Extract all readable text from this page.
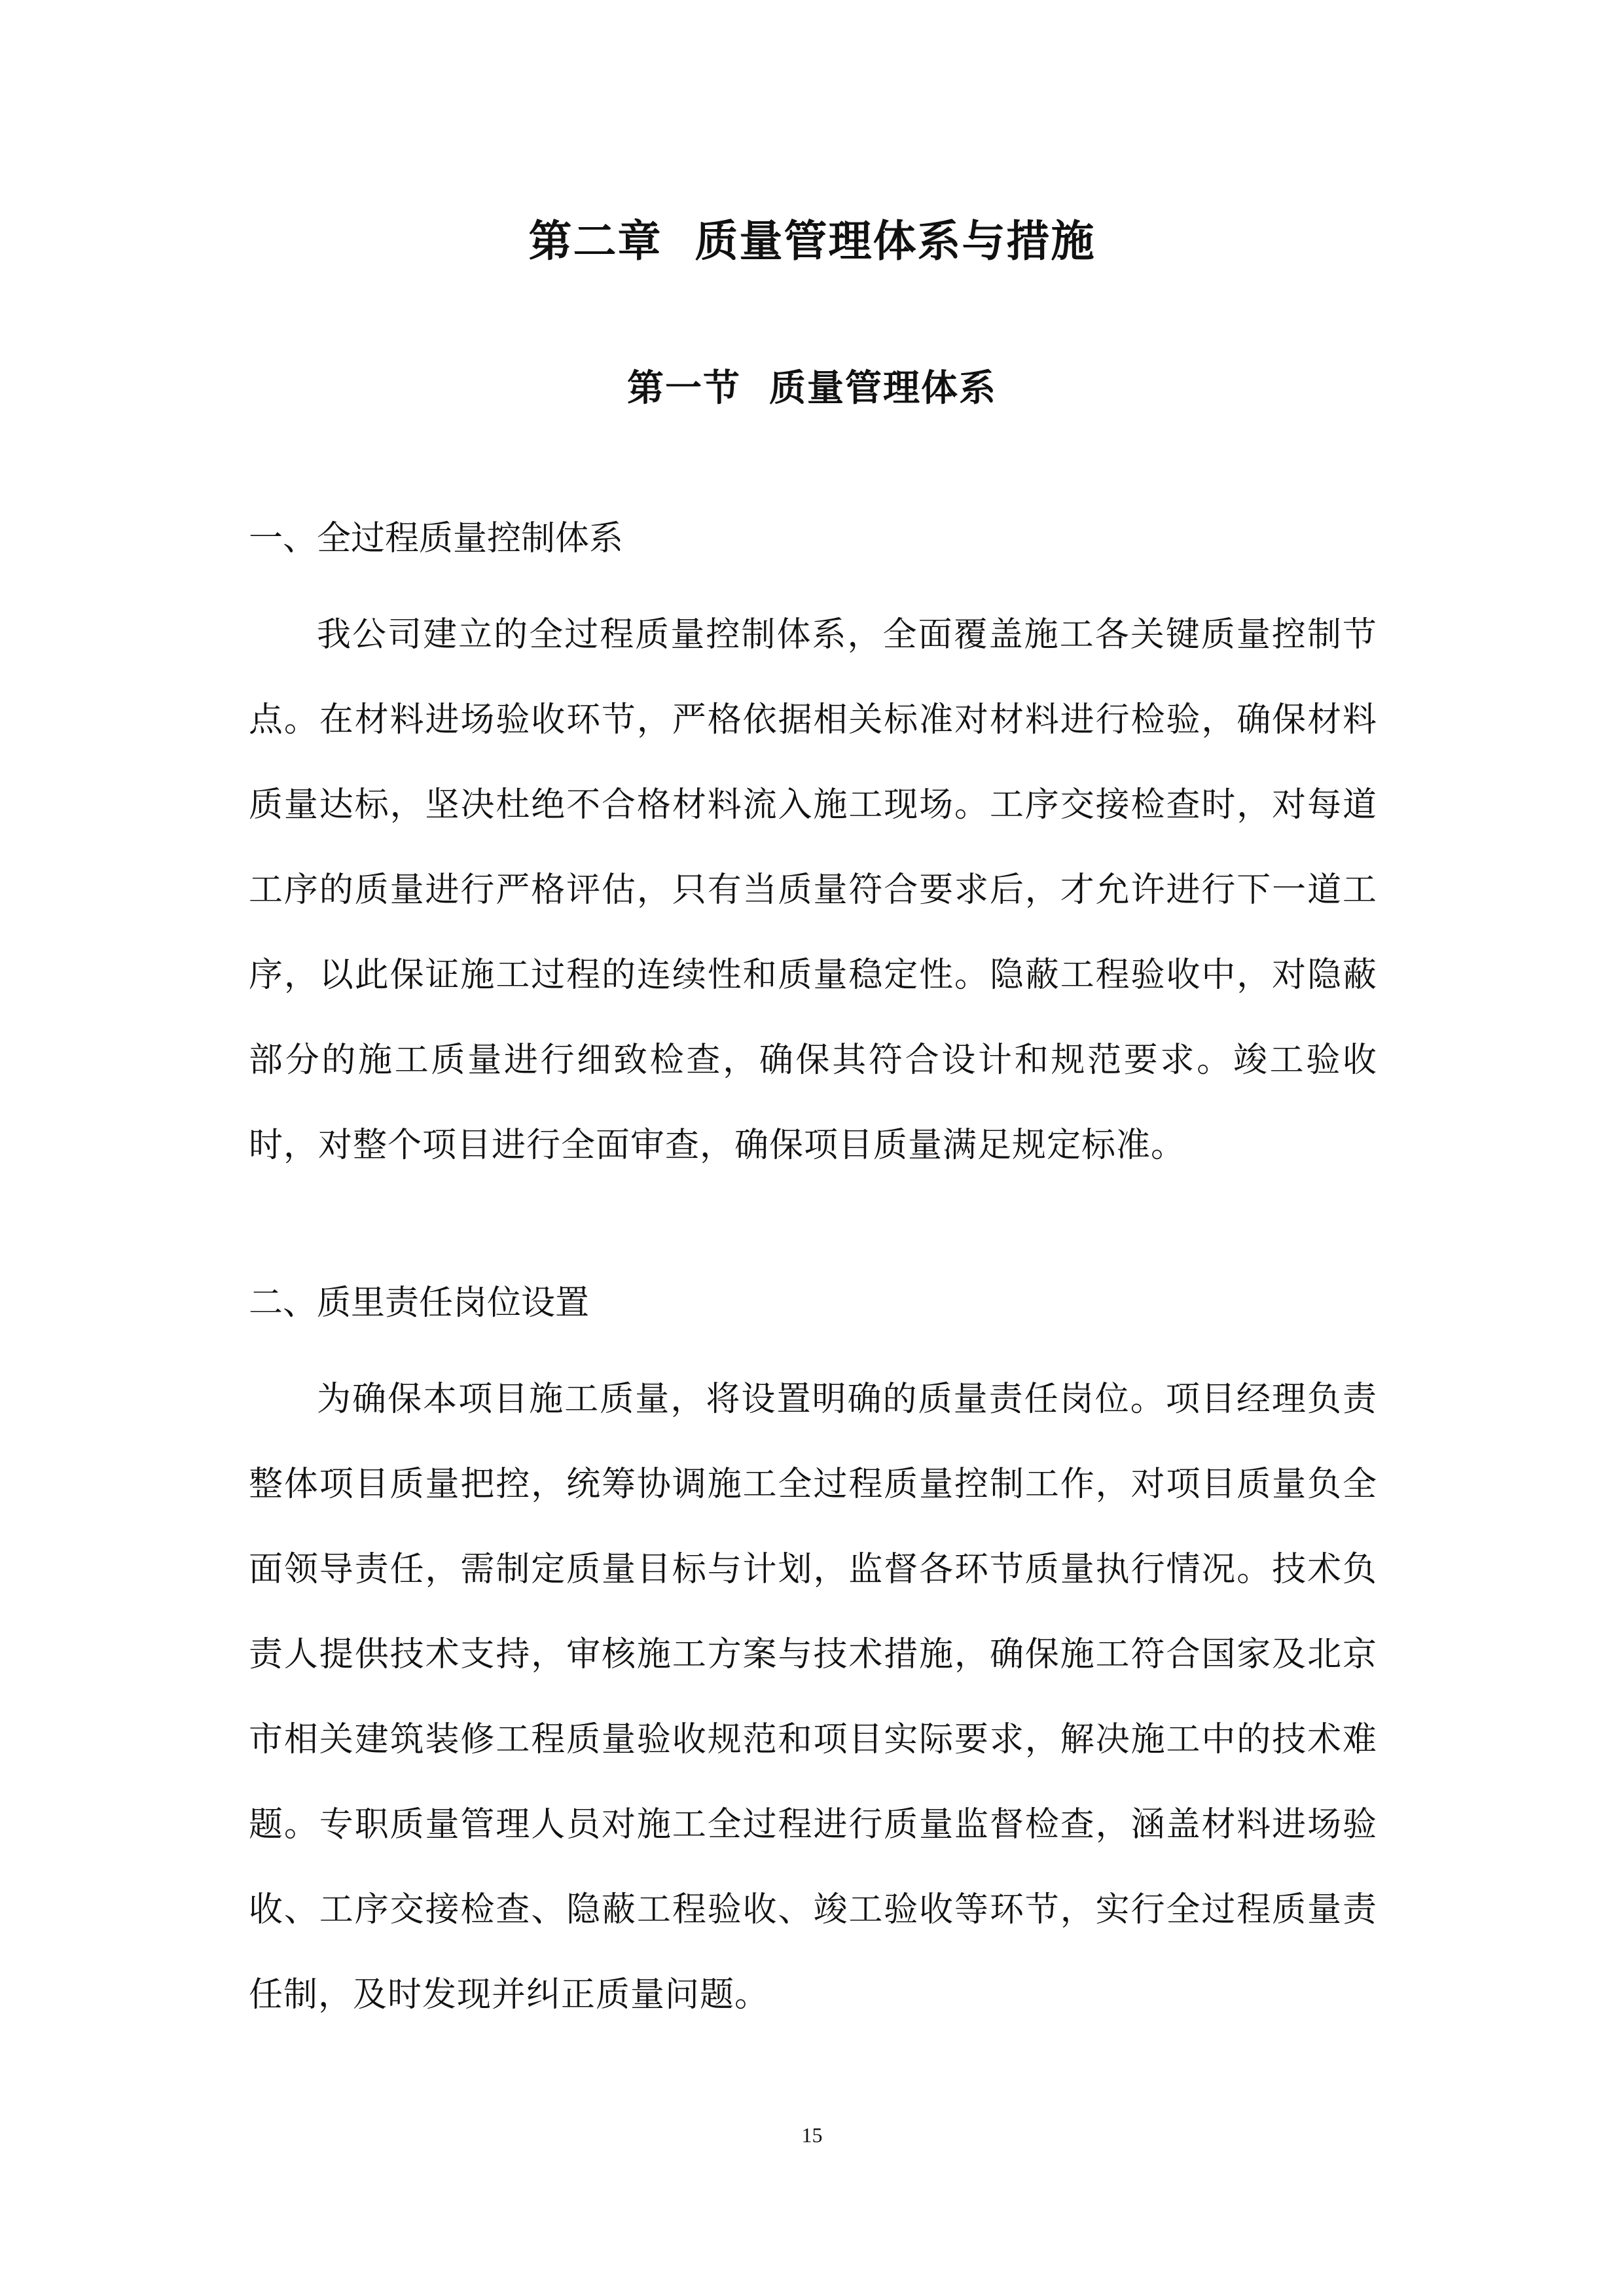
第二章  质量管理体系与措施
第一节  质量管理体系
一、全过程质量控制体系

我公司建立的全过程质量控制体系，全面覆盖施工各关键质量控制节点。在材料进场验收环节，严格依据相关标准对材料进行检验，确保材料质量达标，坚决杜绝不合格材料流入施工现场。工序交接检查时，对每道工序的质量进行严格评估，只有当质量符合要求后，才允许进行下一道工序，以此保证施工过程的连续性和质量稳定性。隐蔽工程验收中，对隐蔽部分的施工质量进行细致检查，确保其符合设计和规范要求。竣工验收时，对整个项目进行全面审查，确保项目质量满足规定标准。

二、质里责任岗位设置

为确保本项目施工质量，将设置明确的质量责任岗位。项目经理负责整体项目质量把控，统筹协调施工全过程质量控制工作，对项目质量负全面领导责任，需制定质量目标与计划，监督各环节质量执行情况。技术负责人提供技术支持，审核施工方案与技术措施，确保施工符合国家及北京市相关建筑装修工程质量验收规范和项目实际要求，解决施工中的技术难题。专职质量管理人员对施工全过程进行质量监督检查，涵盖材料进场验收、工序交接检查、隐蔽工程验收、竣工验收等环节，实行全过程质量责任制，及时发现并纠正质量问题。

15
